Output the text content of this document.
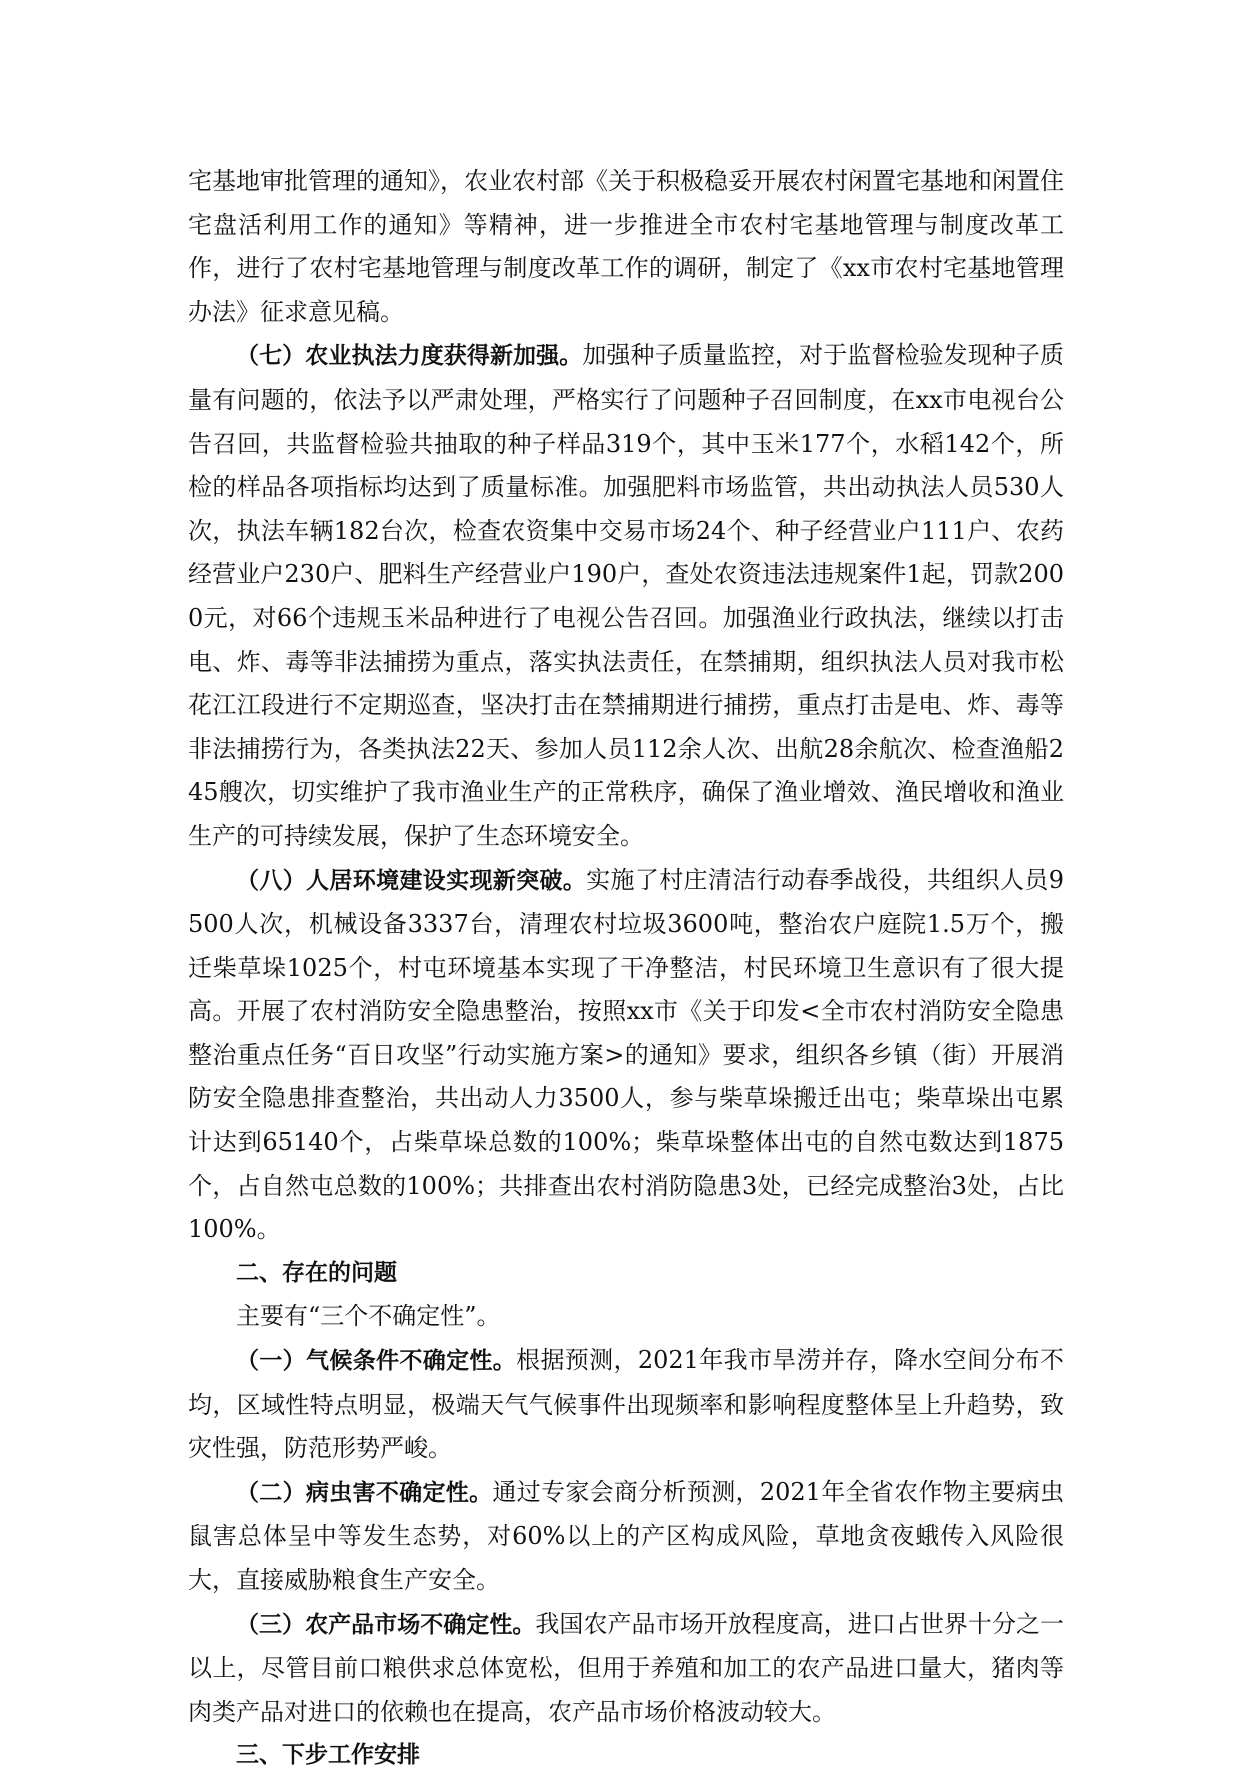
宅基地审批管理的通知》，农业农村部《关于积极稳妥开展农村闲置宅基地和闲置住宅盘活利用工作的通知》等精神，进一步推进全市农村宅基地管理与制度改革工作，进行了农村宅基地管理与制度改革工作的调研，制定了《xx市农村宅基地管理办法》征求意见稿。

（七）农业执法力度获得新加强。加强种子质量监控，对于监督检验发现种子质量有问题的，依法予以严肃处理，严格实行了问题种子召回制度，在xx市电视台公告召回，共监督检验共抽取的种子样品319个，其中玉米177个，水稻142个，所检的样品各项指标均达到了质量标准。加强肥料市场监管，共出动执法人员530人次，执法车辆182台次，检查农资集中交易市场24个、种子经营业户111户、农药经营业户230户、肥料生产经营业户190户，查处农资违法违规案件1起，罚款2000元，对66个违规玉米品种进行了电视公告召回。加强渔业行政执法，继续以打击电、炸、毒等非法捕捞为重点，落实执法责任，在禁捕期，组织执法人员对我市松花江江段进行不定期巡查，坚决打击在禁捕期进行捕捞，重点打击是电、炸、毒等非法捕捞行为，各类执法22天、参加人员112余人次、出航28余航次、检查渔船245艘次，切实维护了我市渔业生产的正常秩序，确保了渔业增效、渔民增收和渔业生产的可持续发展，保护了生态环境安全。

（八）人居环境建设实现新突破。实施了村庄清洁行动春季战役，共组织人员9500人次，机械设备3337台，清理农村垃圾3600吨，整治农户庭院1.5万个，搬迁柴草垛1025个，村屯环境基本实现了干净整洁，村民环境卫生意识有了很大提高。开展了农村消防安全隐患整治，按照xx市《关于印发<全市农村消防安全隐患整治重点任务“百日攻坚”行动实施方案>的通知》要求，组织各乡镇（街）开展消防安全隐患排查整治，共出动人力3500人，参与柴草垛搬迁出屯；柴草垛出屯累计达到65140个，占柴草垛总数的100%；柴草垛整体出屯的自然屯数达到1875个，占自然屯总数的100%；共排查出农村消防隐患3处，已经完成整治3处，占比100%。

二、存在的问题

主要有“三个不确定性”。

（一）气候条件不确定性。根据预测，2021年我市旱涝并存，降水空间分布不均，区域性特点明显，极端天气气候事件出现频率和影响程度整体呈上升趋势，致灾性强，防范形势严峻。

（二）病虫害不确定性。通过专家会商分析预测，2021年全省农作物主要病虫鼠害总体呈中等发生态势，对60%以上的产区构成风险，草地贪夜蛾传入风险很大，直接威胁粮食生产安全。

（三）农产品市场不确定性。我国农产品市场开放程度高，进口占世界十分之一以上，尽管目前口粮供求总体宽松，但用于养殖和加工的农产品进口量大，猪肉等肉类产品对进口的依赖也在提高，农产品市场价格波动较大。

三、下步工作安排
